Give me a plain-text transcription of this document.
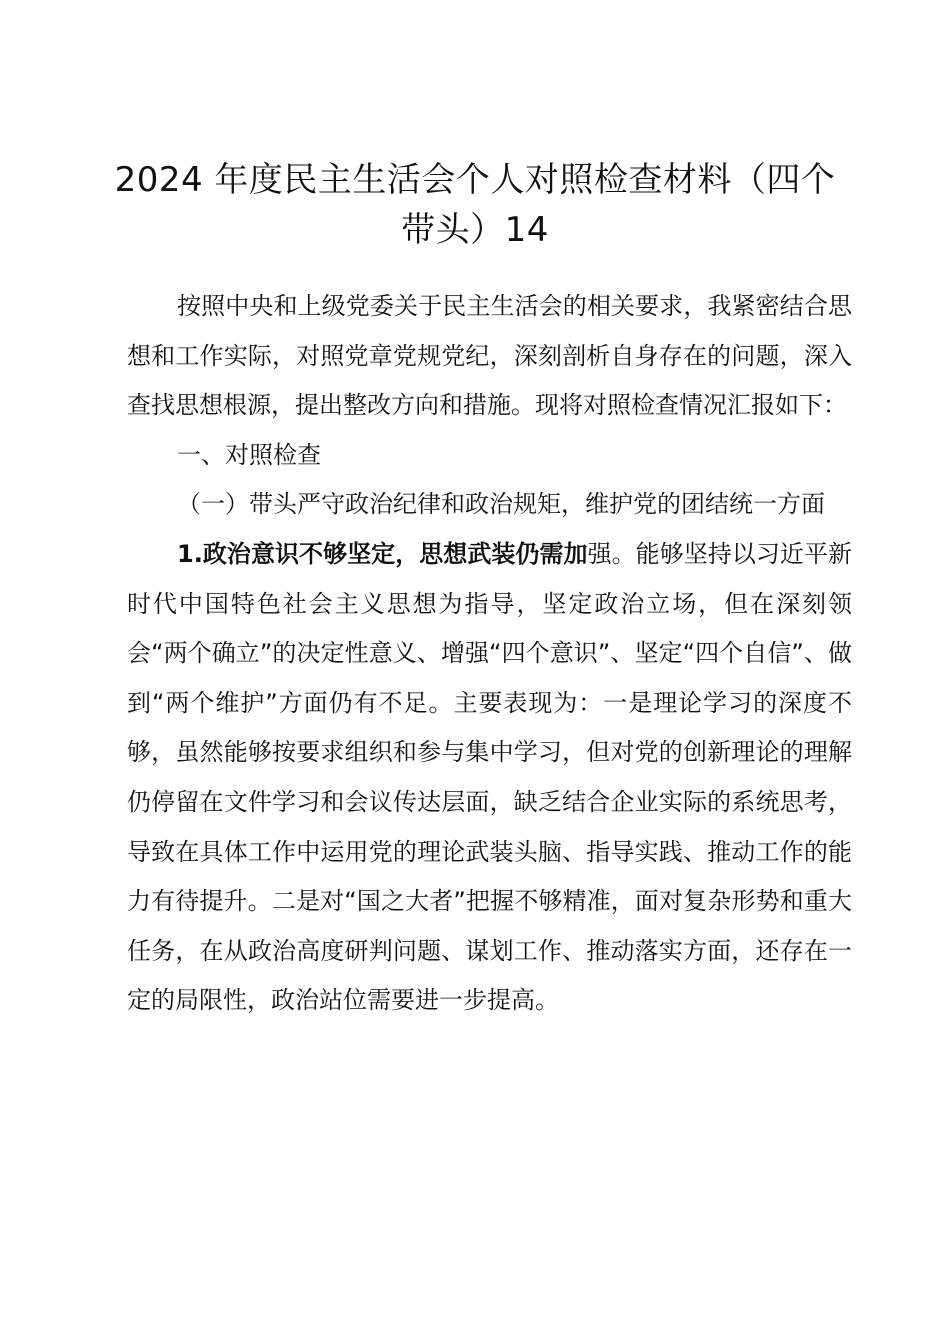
2024 年度民主生活会个人对照检查材料（四个带头）14

按照中央和上级党委关于民主生活会的相关要求，我紧密结合思想和工作实际，对照党章党规党纪，深刻剖析自身存在的问题，深入查找思想根源，提出整改方向和措施。现将对照检查情况汇报如下：

一、对照检查

（一）带头严守政治纪律和政治规矩，维护党的团结统一方面

1.政治意识不够坚定，思想武装仍需加强。能够坚持以习近平新时代中国特色社会主义思想为指导，坚定政治立场，但在深刻领会“两个确立”的决定性意义、增强“四个意识”、坚定“四个自信”、做到“两个维护”方面仍有不足。主要表现为：一是理论学习的深度不够，虽然能够按要求组织和参与集中学习，但对党的创新理论的理解仍停留在文件学习和会议传达层面，缺乏结合企业实际的系统思考，导致在具体工作中运用党的理论武装头脑、指导实践、推动工作的能力有待提升。二是对“国之大者”把握不够精准，面对复杂形势和重大任务，在从政治高度研判问题、谋划工作、推动落实方面，还存在一定的局限性，政治站位需要进一步提高。
